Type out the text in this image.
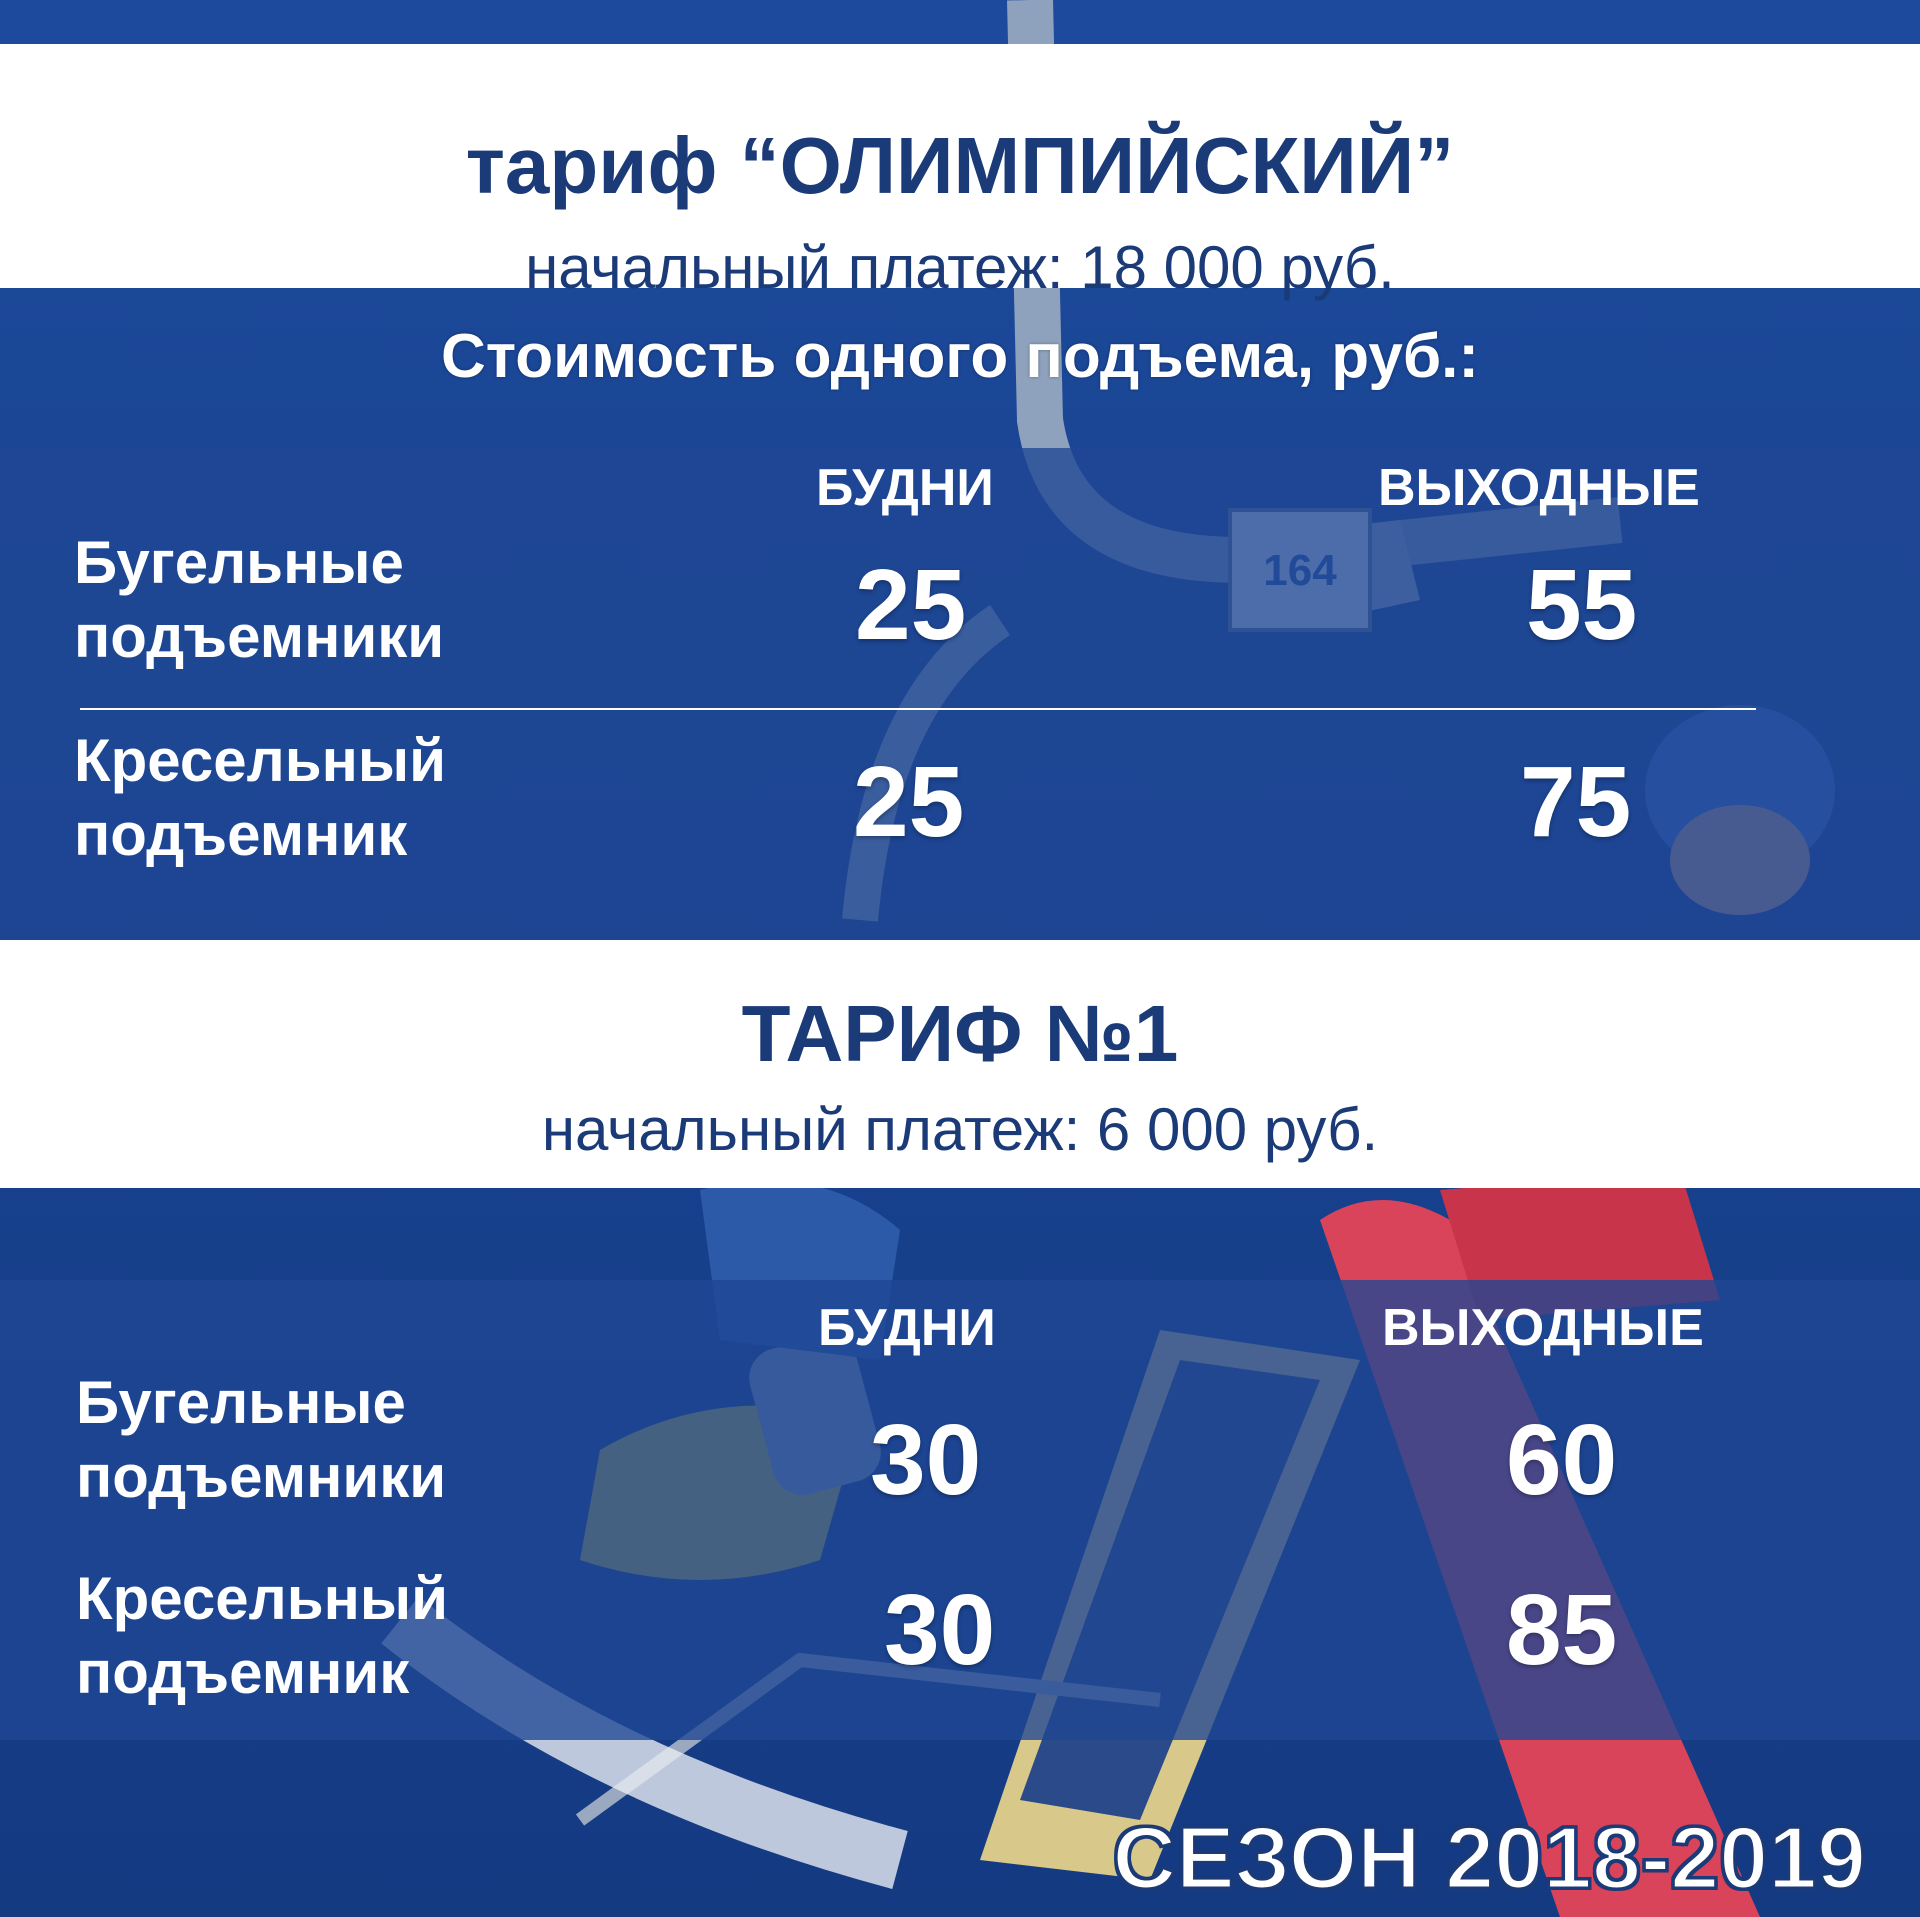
тариф “ОЛИМПИЙСКИЙ”
начальный платеж: 18 000 руб.
Стоимость одного подъема, руб.:
БУДНИ	ВЫХОДНЫЕ
Бугельные
подъемники	25	55
Кресельный
подъемник	25	75
ТАРИФ №1
начальный платеж: 6 000 руб.
БУДНИ	ВЫХОДНЫЕ
Бугельные
подъемники	30	60
Кресельный
подъемник	30	85
СЕЗОН 2018-2019
